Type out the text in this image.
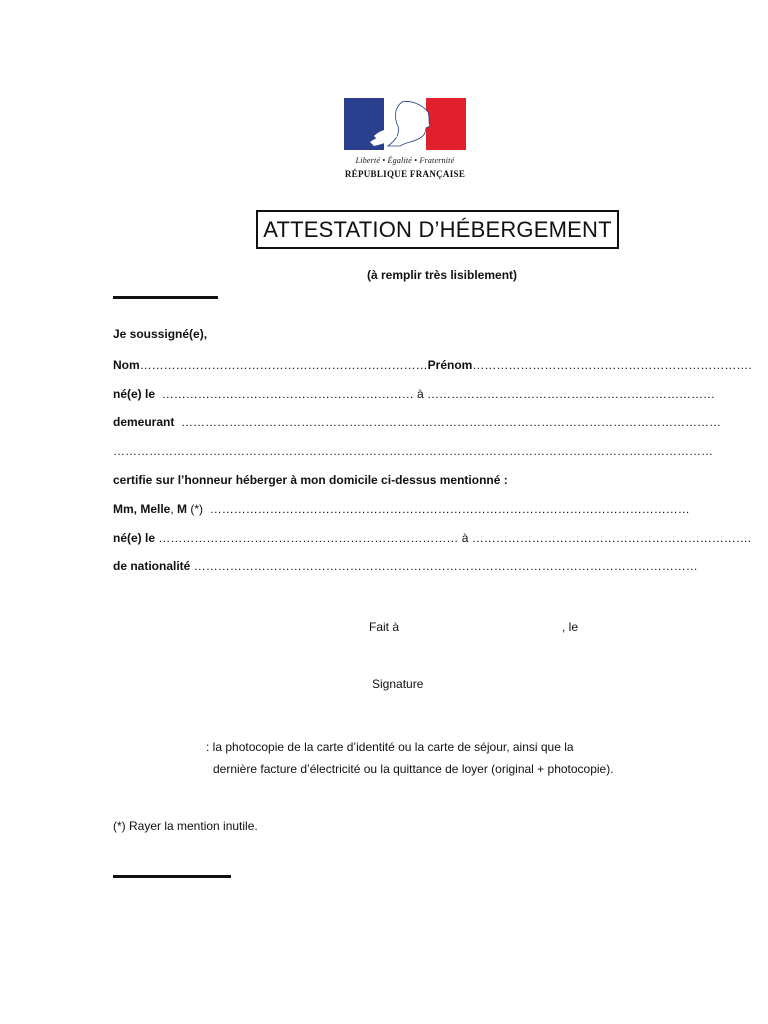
Liberté • Égalité • Fraternité
RÉPUBLIQUE FRANÇAISE
ATTESTATION D’HÉBERGEMENT
(à remplir très lisiblement)
Je soussigné(e),
Nom………………………………………………………………Prénom…………………………………………………………….
né(e) le ……………………………………………………… à ………………………………………………………………
demeurant ………………………………………………………………………………………………………………………
……………………………………………………………………………………………………………………………………
certifie sur l’honneur héberger à mon domicile ci-dessus mentionné :
Mm, Melle, M (*) …………………………………………………………………………………………………………
né(e) le ………………………………………………………………… à …………………………………………………………….
de nationalité ………………………………………………………………………………………………………………
Fait à	, le
Signature
: la photocopie de la carte d’identité ou la carte de séjour, ainsi que la
dernière facture d’électricité ou la quittance de loyer (original + photocopie).
(*) Rayer la mention inutile.
